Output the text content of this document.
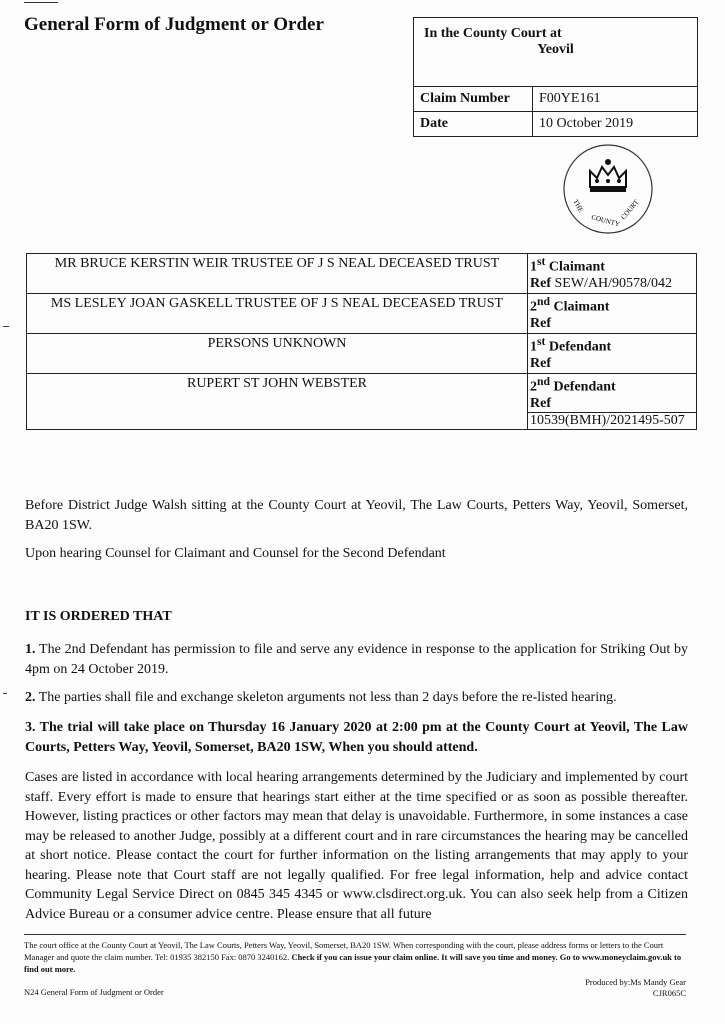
General Form of Judgment or Order	In the County Court at
Yeovil
Claim Number	F00YE161
Date	10 October 2019
THE
COUNTY
COURT
MR BRUCE KERSTIN WEIR TRUSTEE OF J S NEAL DECEASED TRUST	1st Claimant
Ref SEW/AH/90578/042

MS LESLEY JOAN GASKELL TRUSTEE OF J S NEAL DECEASED TRUST	2nd Claimant
Ref

PERSONS UNKNOWN	1st Defendant
Ref

RUPERT ST JOHN WEBSTER	2nd Defendant
Ref
10539(BMH)/2021495-507
Before District Judge Walsh sitting at the County Court at Yeovil, The Law Courts, Petters Way, Yeovil, Somerset, BA20 1SW.
Upon hearing Counsel for Claimant and Counsel for the Second Defendant
IT IS ORDERED THAT
1. The 2nd Defendant has permission to file and serve any evidence in response to the application for Striking Out by 4pm on 24 October 2019.
2. The parties shall file and exchange skeleton arguments not less than 2 days before the re-listed hearing.
3. The trial will take place on Thursday 16 January 2020 at 2:00 pm at the County Court at Yeovil, The Law Courts, Petters Way, Yeovil, Somerset, BA20 1SW, When you should attend.
Cases are listed in accordance with local hearing arrangements determined by the Judiciary and implemented by court staff. Every effort is made to ensure that hearings start either at the time specified or as soon as possible thereafter. However, listing practices or other factors may mean that delay is unavoidable. Furthermore, in some instances a case may be released to another Judge, possibly at a different court and in rare circumstances the hearing may be cancelled at short notice. Please contact the court for further information on the listing arrangements that may apply to your hearing. Please note that Court staff are not legally qualified. For free legal information, help and advice contact Community Legal Service Direct on 0845 345 4345 or www.clsdirect.org.uk. You can also seek help from a Citizen Advice Bureau or a consumer advice centre. Please ensure that all future
The court office at the County Court at Yeovil, The Law Courts, Petters Way, Yeovil, Somerset, BA20 1SW. When corresponding with the court, please address forms or letters to the Court Manager and quote the claim number. Tel: 01935 382150 Fax: 0870 3240162. Check if you can issue your claim online. It will save you time and money. Go to www.moneyclaim.gov.uk to find out more.
Produced by:Ms Mandy Gear
CJR065C
N24 General Form of Judgment or Order
